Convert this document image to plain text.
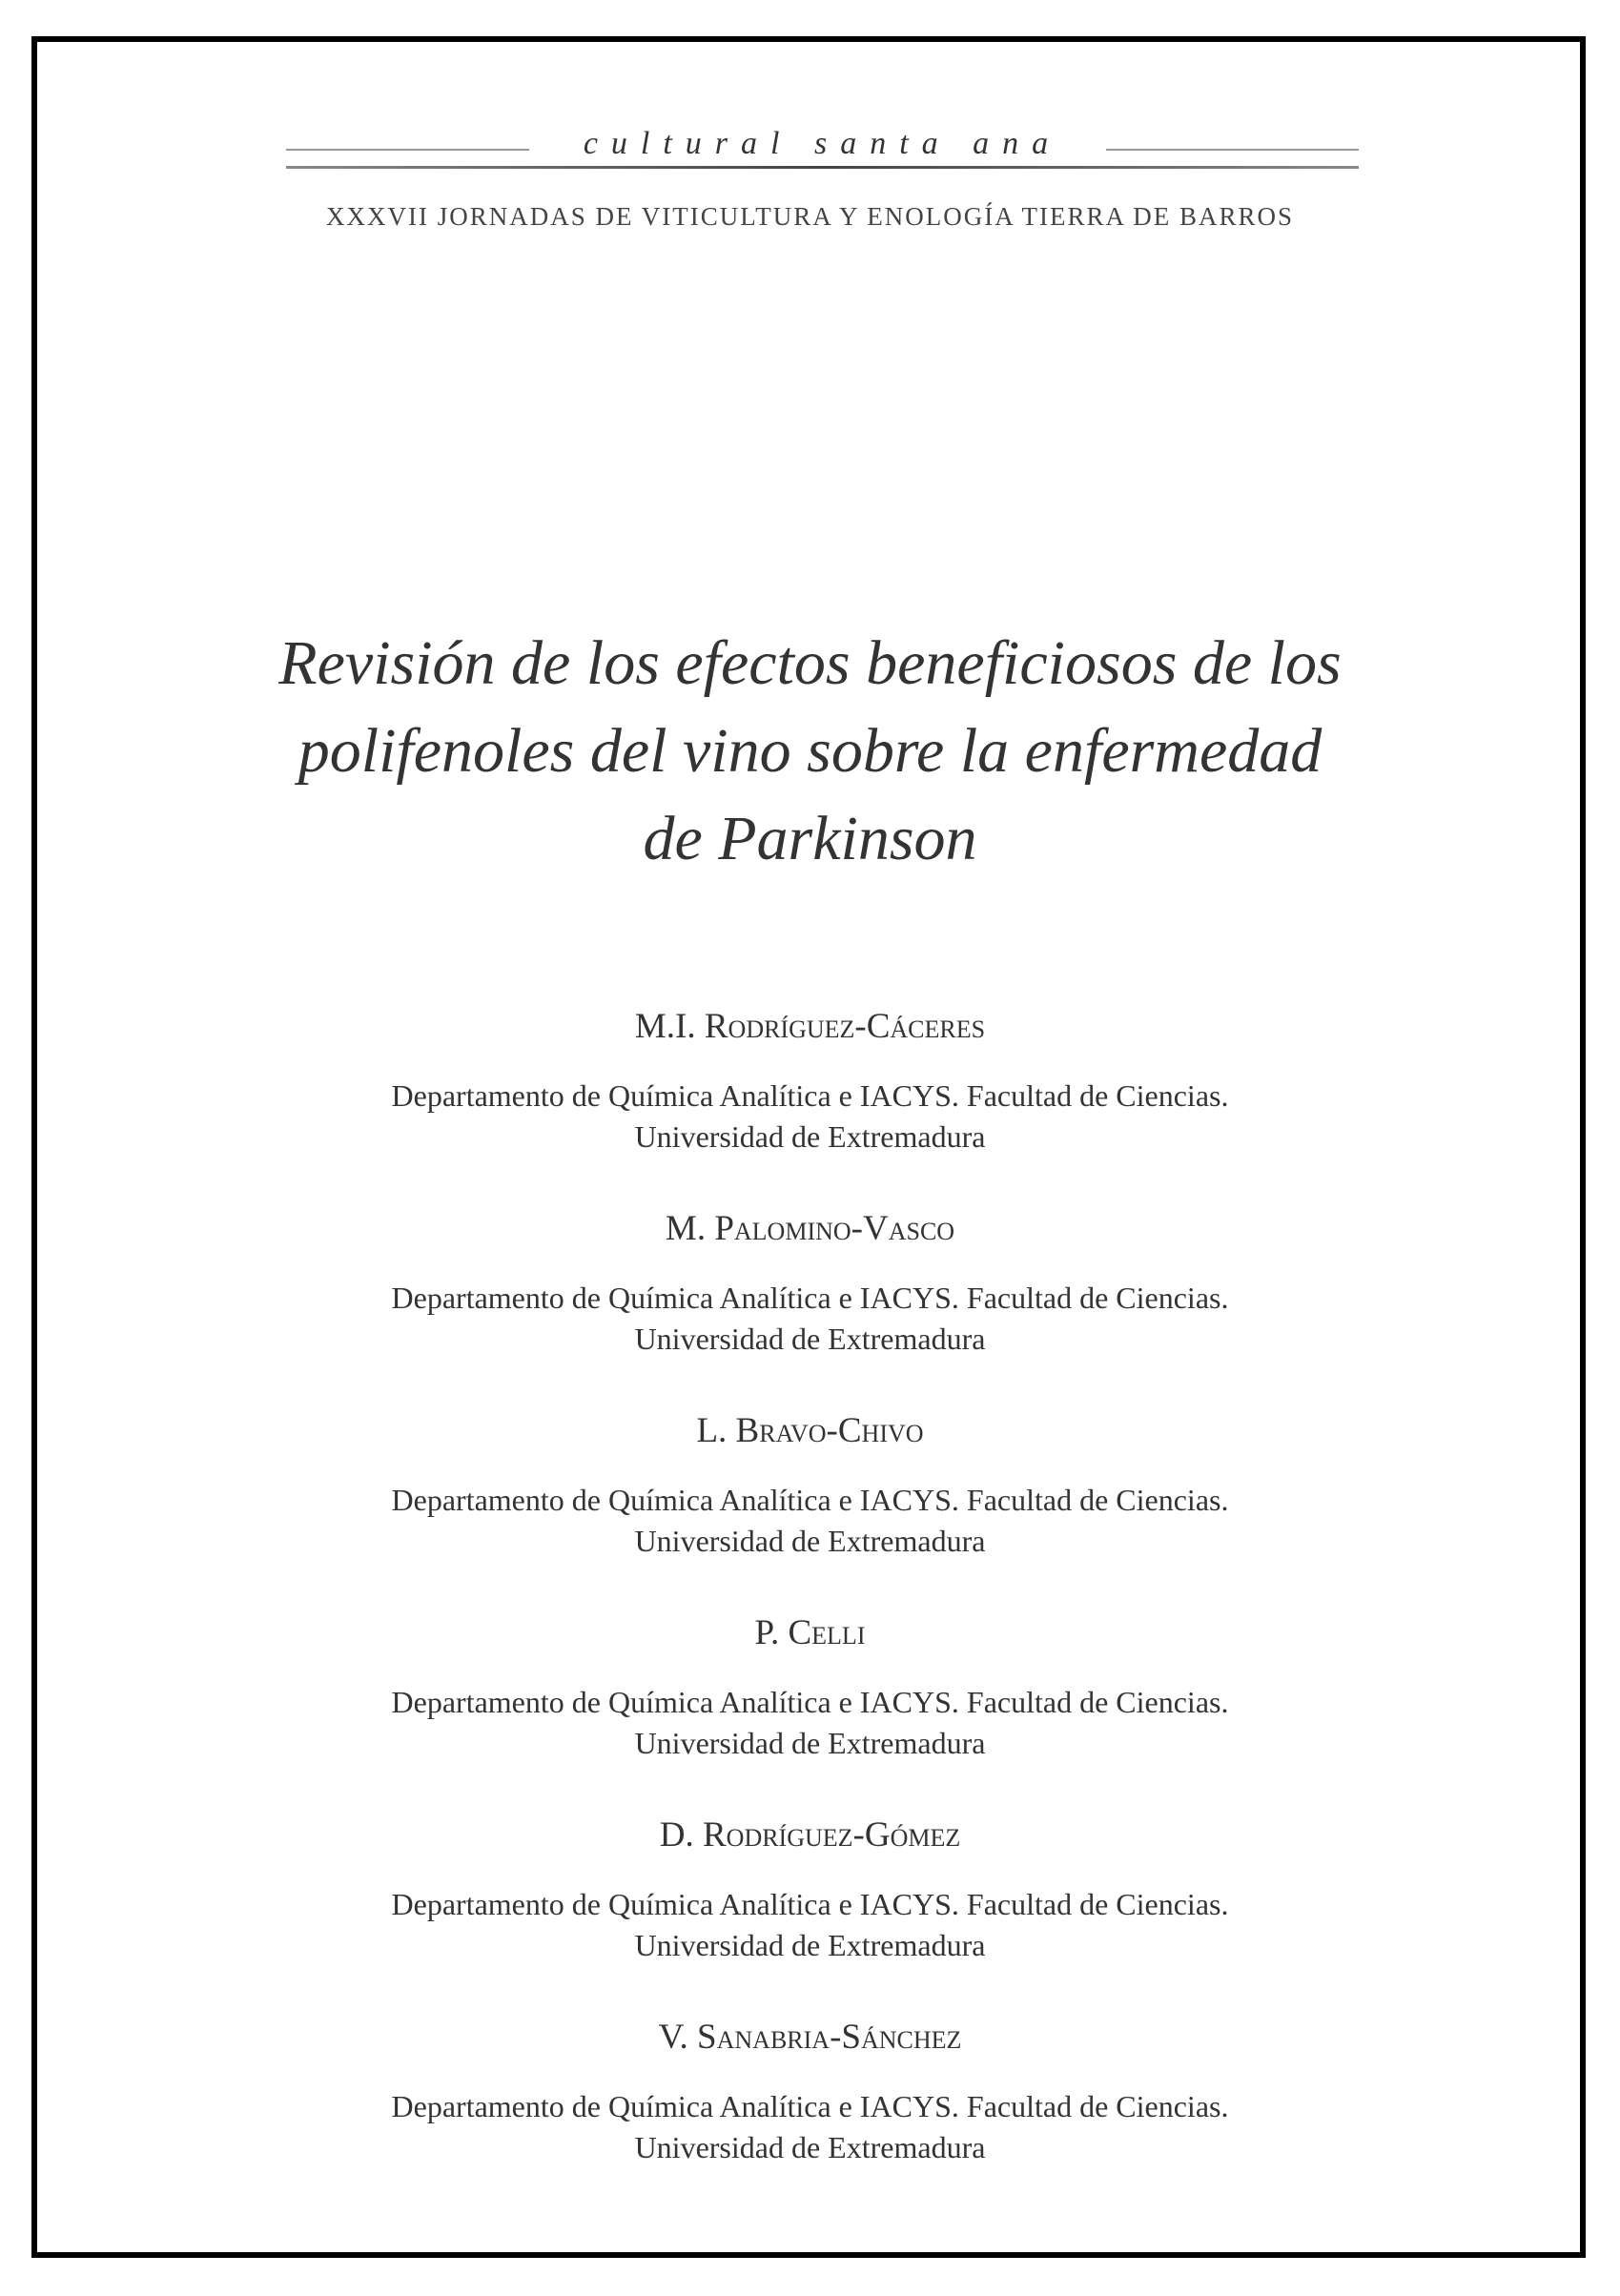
cultural santa ana
XXXVII JORNADAS DE VITICULTURA Y ENOLOGÍA TIERRA DE BARROS
Revisión de los efectos beneficiosos de los
polifenoles del vino sobre la enfermedad
de Parkinson
M.I. Rodríguez-Cáceres
Departamento de Química Analítica e IACYS. Facultad de Ciencias.
Universidad de Extremadura
M. Palomino-Vasco
Departamento de Química Analítica e IACYS. Facultad de Ciencias.
Universidad de Extremadura
L. Bravo-Chivo
Departamento de Química Analítica e IACYS. Facultad de Ciencias.
Universidad de Extremadura
P. Celli
Departamento de Química Analítica e IACYS. Facultad de Ciencias.
Universidad de Extremadura
D. Rodríguez-Gómez
Departamento de Química Analítica e IACYS. Facultad de Ciencias.
Universidad de Extremadura
V. Sanabria-Sánchez
Departamento de Química Analítica e IACYS. Facultad de Ciencias.
Universidad de Extremadura
